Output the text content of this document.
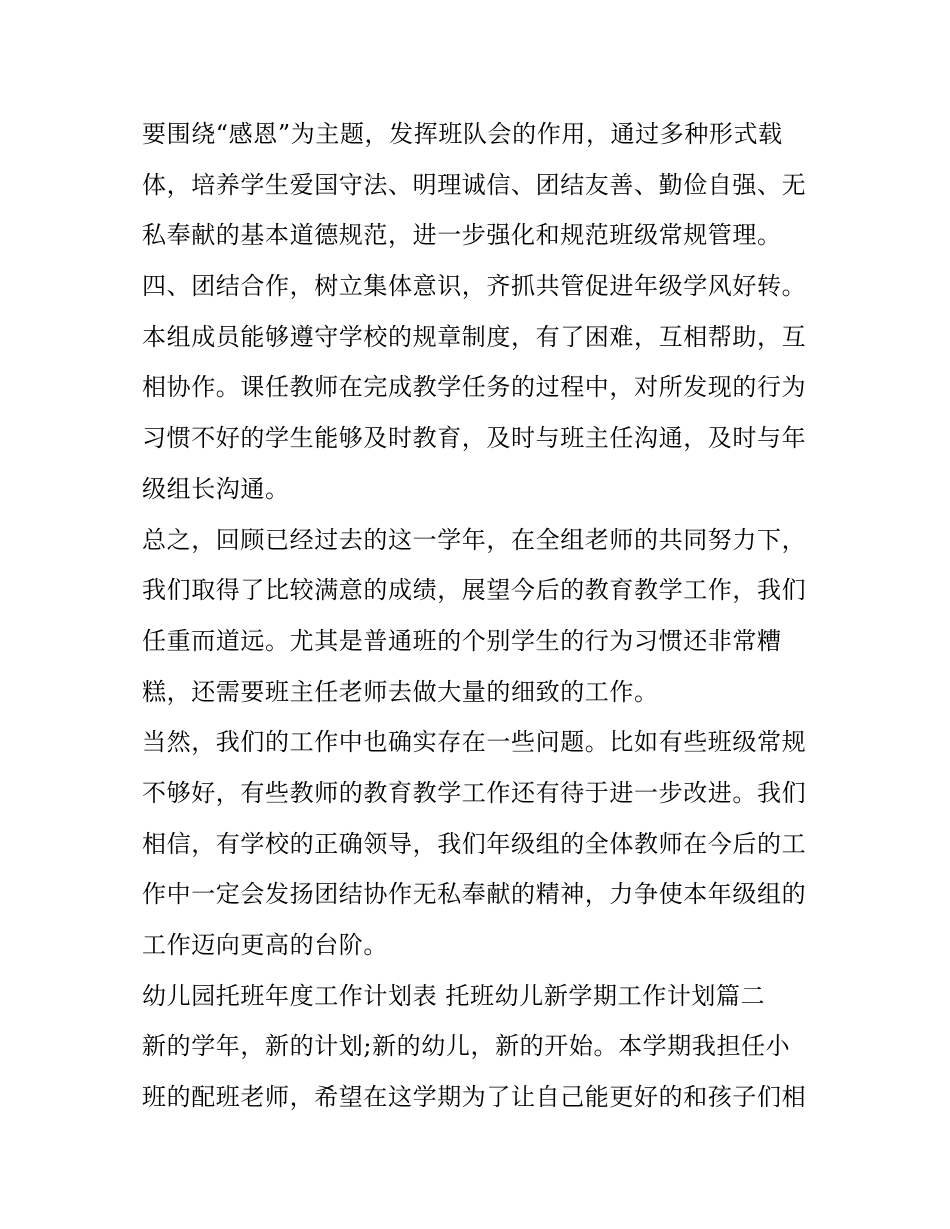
要围绕“感恩”为主题，发挥班队会的作用，通过多种形式载
体，培养学生爱国守法、明理诚信、团结友善、勤俭自强、无
私奉献的基本道德规范，进一步强化和规范班级常规管理。
四、团结合作，树立集体意识，齐抓共管促进年级学风好转。
本组成员能够遵守学校的规章制度，有了困难，互相帮助，互
相协作。课任教师在完成教学任务的过程中，对所发现的行为
习惯不好的学生能够及时教育，及时与班主任沟通，及时与年
级组长沟通。
总之，回顾已经过去的这一学年，在全组老师的共同努力下，
我们取得了比较满意的成绩，展望今后的教育教学工作，我们
任重而道远。尤其是普通班的个别学生的行为习惯还非常糟
糕，还需要班主任老师去做大量的细致的工作。
当然，我们的工作中也确实存在一些问题。比如有些班级常规
不够好，有些教师的教育教学工作还有待于进一步改进。我们
相信，有学校的正确领导，我们年级组的全体教师在今后的工
作中一定会发扬团结协作无私奉献的精神，力争使本年级组的
工作迈向更高的台阶。
幼儿园托班年度工作计划表 托班幼儿新学期工作计划篇二
新的学年，新的计划;新的幼儿，新的开始。本学期我担任小
班的配班老师，希望在这学期为了让自己能更好的和孩子们相
